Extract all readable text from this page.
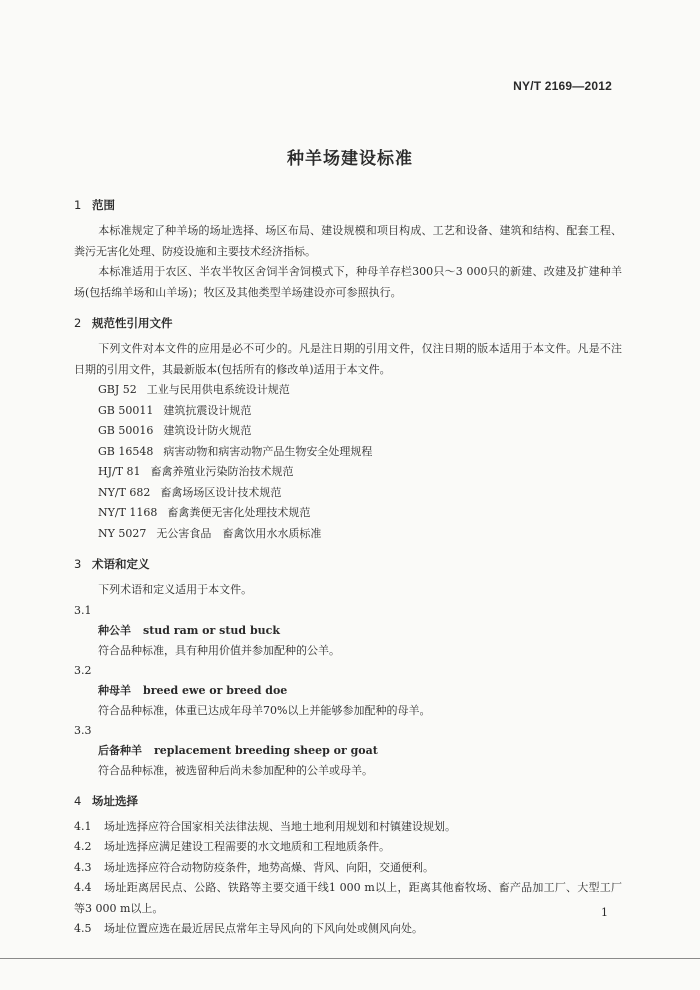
NY/T 2169—2012
种羊场建设标准
1 范围
本标准规定了种羊场的场址选择、场区布局、建设规模和项目构成、工艺和设备、建筑和结构、配套工程、粪污无害化处理、防疫设施和主要技术经济指标。
本标准适用于农区、半农半牧区舍饲半舍饲模式下，种母羊存栏300只～3 000只的新建、改建及扩建种羊场(包括绵羊场和山羊场)；牧区及其他类型羊场建设亦可参照执行。
2 规范性引用文件
下列文件对本文件的应用是必不可少的。凡是注日期的引用文件，仅注日期的版本适用于本文件。凡是不注日期的引用文件，其最新版本(包括所有的修改单)适用于本文件。
GBJ 52 工业与民用供电系统设计规范
GB 50011 建筑抗震设计规范
GB 50016 建筑设计防火规范
GB 16548 病害动物和病害动物产品生物安全处理规程
HJ/T 81 畜禽养殖业污染防治技术规范
NY/T 682 畜禽场场区设计技术规范
NY/T 1168 畜禽粪便无害化处理技术规范
NY 5027 无公害食品　畜禽饮用水水质标准
3 术语和定义
下列术语和定义适用于本文件。
3.1
种公羊 stud ram or stud buck
符合品种标准，具有种用价值并参加配种的公羊。
3.2
种母羊 breed ewe or breed doe
符合品种标准，体重已达成年母羊70%以上并能够参加配种的母羊。
3.3
后备种羊 replacement breeding sheep or goat
符合品种标准，被选留种后尚未参加配种的公羊或母羊。
4 场址选择
4.1 场址选择应符合国家相关法律法规、当地土地利用规划和村镇建设规划。
4.2 场址选择应满足建设工程需要的水文地质和工程地质条件。
4.3 场址选择应符合动物防疫条件，地势高燥、背风、向阳，交通便利。
4.4 场址距离居民点、公路、铁路等主要交通干线1 000 m以上，距离其他畜牧场、畜产品加工厂、大型工厂等3 000 m以上。
4.5 场址位置应选在最近居民点常年主导风向的下风向处或侧风向处。
1
